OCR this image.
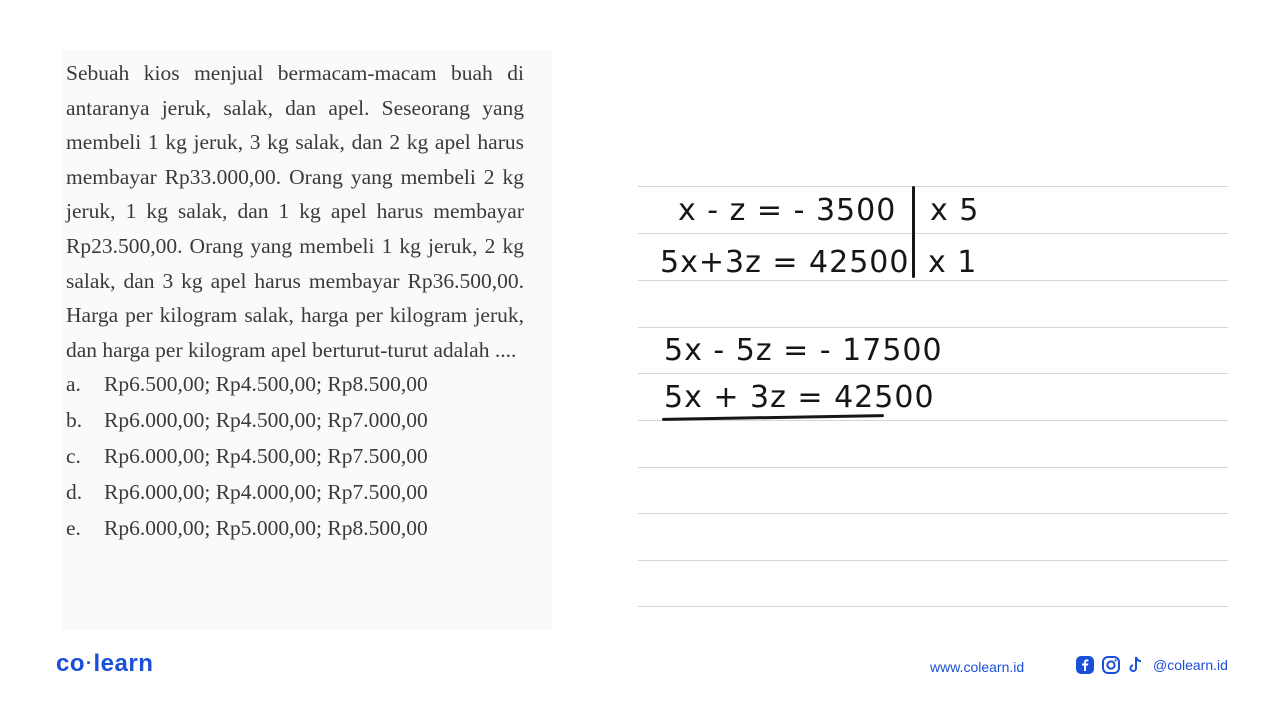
Sebuah kios menjual bermacam-macam buah di antaranya jeruk, salak, dan apel. Seseorang yang membeli 1 kg jeruk, 3 kg salak, dan 2 kg apel harus membayar Rp33.000,00. Orang yang membeli 2 kg jeruk, 1 kg salak, dan 1 kg apel harus membayar Rp23.500,00. Orang yang membeli 1 kg jeruk, 2 kg salak, dan 3 kg apel harus membayar Rp36.500,00. Harga per kilogram salak, harga per kilogram jeruk, dan harga per kilogram apel berturut-turut adalah ....

a.	Rp6.500,00; Rp4.500,00; Rp8.500,00
b.	Rp6.000,00; Rp4.500,00; Rp7.000,00
c.	Rp6.000,00; Rp4.500,00; Rp7.500,00
d.	Rp6.000,00; Rp4.000,00; Rp7.500,00
e.	Rp6.000,00; Rp5.000,00; Rp8.500,00

x - z = - 3500 x 5

5x+3z = 42500 x 1

5x - 5z = - 17500

5x + 3z = 42500

co·learn	www.colearn.id	@colearn.id
